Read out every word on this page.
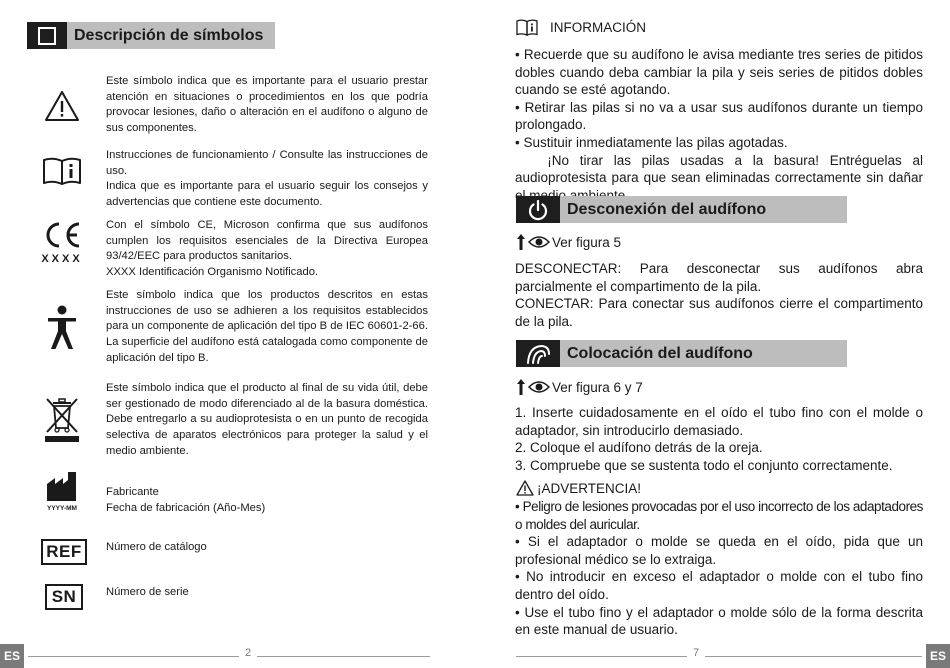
Descripción de símbolos

Este símbolo indica que es importante para el usuario prestar atención en situaciones o procedimientos en los que podría provocar lesiones, daño o alteración en el audífono o alguno de sus componentes.

Instrucciones de funcionamiento / Consulte las instrucciones de uso.

Indica que es importante para el usuario seguir los consejos y advertencias que contiene este documento.

XXXX

Con el símbolo CE, Microson confirma que sus audífonos cumplen los requisitos esenciales de la Directiva Europea 93/42/EEC para productos sanitarios.

XXXX Identificación Organismo Notificado.

Este símbolo indica que los productos descritos en estas instrucciones de uso se adhieren a los requisitos establecidos para un componente de aplicación del tipo B de IEC 60601-2-66. La superficie del audífono está catalogada como componente de aplicación del tipo B.

Este símbolo indica que el producto al final de su vida útil, debe ser gestionado de modo diferenciado al de la basura doméstica. Debe entregarlo a su audioprotesista o en un punto de recogida selectiva de aparatos electrónicos para proteger la salud y el medio ambiente.

YYYY-MM

Fabricante

Fecha de fabricación (Año-Mes)

REF	Número de catálogo

SN	Número de serie

ES	2
INFORMACIÓN

• Recuerde que su audífono le avisa mediante tres series de pitidos dobles cuando deba cambiar la pila y seis series de pitidos dobles cuando se esté agotando.

• Retirar las pilas si no va a usar sus audífonos durante un tiempo prolongado.

• Sustituir inmediatamente las pilas agotadas.

¡No tirar las pilas usadas a la basura! Entréguelas al audioprotesista para que sean eliminadas correctamente sin dañar

Desconexión del audífono
Ver figura 5

DESCONECTAR: Para desconectar sus audífonos abra parcialmente el compartimento de la pila.

CONECTAR: Para conectar sus audífonos cierre el compartimento de la pila.

Colocación del audífono
Ver figura 6 y 7

1. Inserte cuidadosamente en el oído el tubo fino con el molde o adaptador, sin introducirlo demasiado.

2. Coloque el audífono detrás de la oreja.

3. Compruebe que se sustenta todo el conjunto correctamente.

¡ADVERTENCIA!

• Peligro de lesiones provocadas por el uso incorrecto de los adaptadores o moldes del auricular.

• Si el adaptador o molde se queda en el oído, pida que un profesional médico se lo extraiga.

• No introducir en exceso el adaptador o molde con el tubo fino dentro del oído.

• Use el tubo fino y el adaptador o molde sólo de la forma descrita en este manual de usuario.

7	ES
